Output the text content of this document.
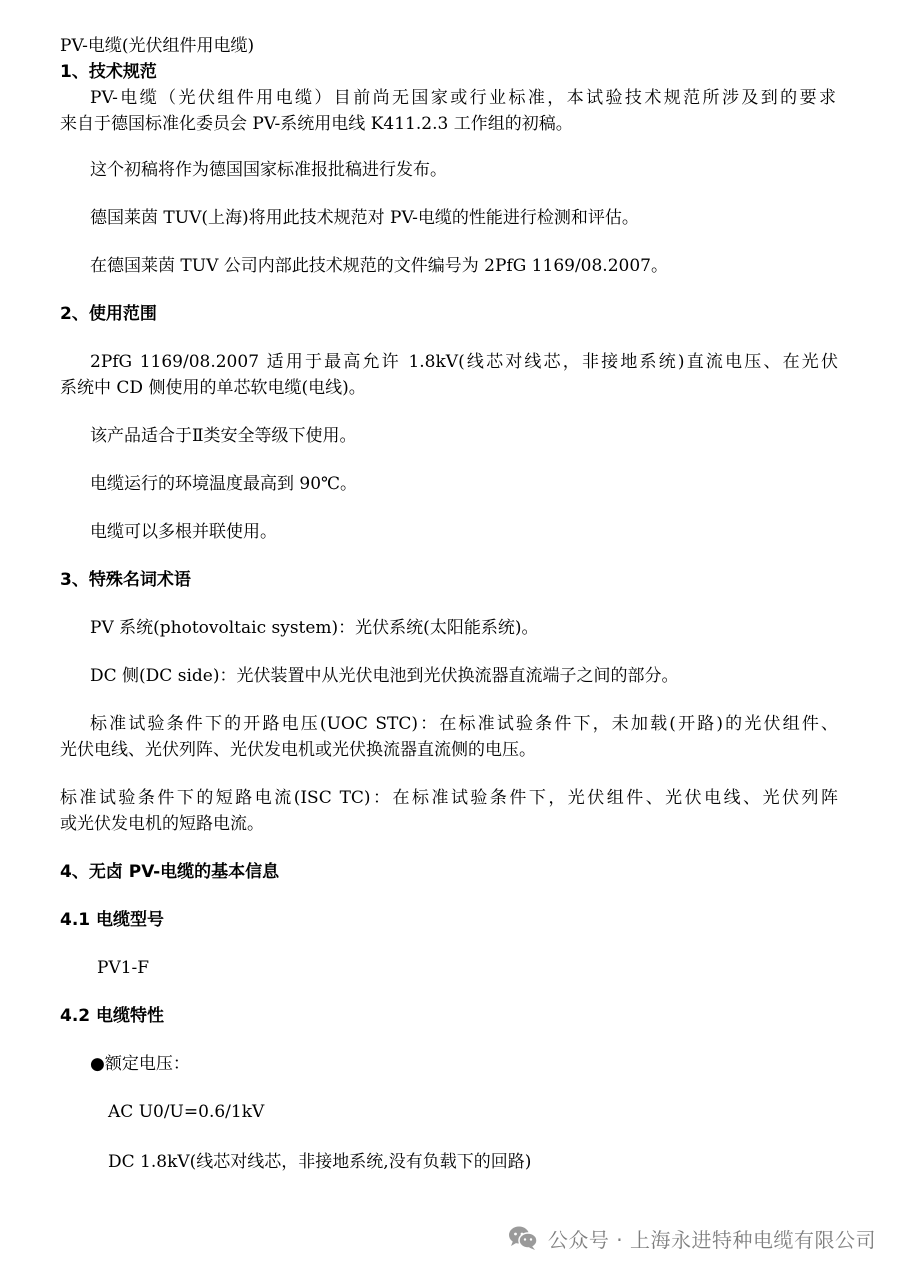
PV-电缆(光伏组件用电缆)
1、技术规范
PV-电缆（光伏组件用电缆）目前尚无国家或行业标准，本试验技术规范所涉及到的要求
来自于德国标准化委员会 PV-系统用电线 K411.2.3 工作组的初稿。
这个初稿将作为德国国家标准报批稿进行发布。
德国莱茵 TUV(上海)将用此技术规范对 PV-电缆的性能进行检测和评估。
在德国莱茵 TUV 公司内部此技术规范的文件编号为 2PfG 1169/08.2007。
2、使用范围
2PfG 1169/08.2007 适用于最高允许 1.8kV(线芯对线芯，非接地系统)直流电压、在光伏
系统中 CD 侧使用的单芯软电缆(电线)。
该产品适合于Ⅱ类安全等级下使用。
电缆运行的环境温度最高到 90℃。
电缆可以多根并联使用。
3、特殊名词术语
PV 系统(photovoltaic system)：光伏系统(太阳能系统)。
DC 侧(DC side)：光伏装置中从光伏电池到光伏换流器直流端子之间的部分。
标准试验条件下的开路电压(UOC STC)：在标准试验条件下，未加载(开路)的光伏组件、
光伏电线、光伏列阵、光伏发电机或光伏换流器直流侧的电压。
标准试验条件下的短路电流(ISC TC)：在标准试验条件下，光伏组件、光伏电线、光伏列阵
或光伏发电机的短路电流。
4、无卤 PV-电缆的基本信息
4.1 电缆型号
PV1-F
4.2 电缆特性
●额定电压：
AC U0/U=0.6/1kV
DC 1.8kV(线芯对线芯，非接地系统,没有负载下的回路)
公众号 · 上海永进特种电缆有限公司
